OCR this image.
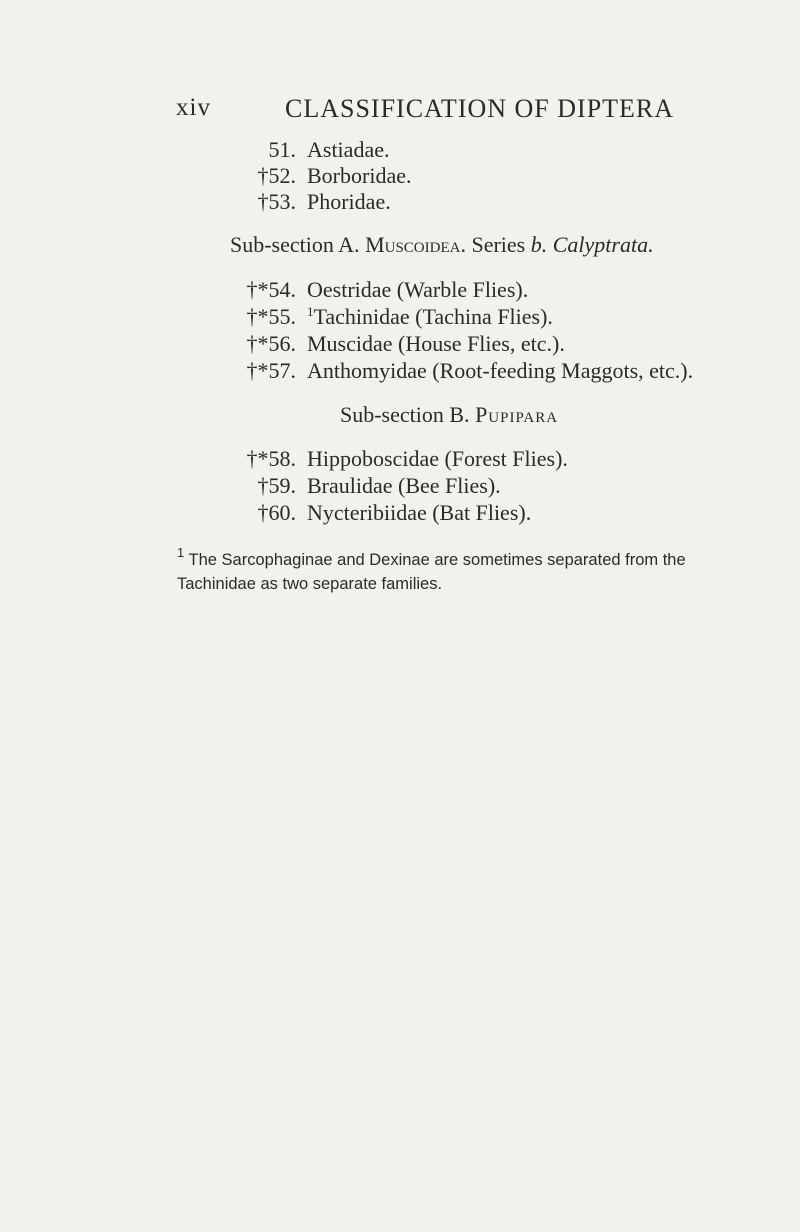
xiv	CLASSIFICATION OF DIPTERA
51. Astiadae.
†52. Borboridae.
†53. Phoridae.
Sub-section A. Muscoidea. Series b. Calyptrata.
†*54. Oestridae (Warble Flies).
†*55. $^1$Tachinidae (Tachina Flies).
†*56. Muscidae (House Flies, etc.).
†*57. Anthomyidae (Root-feeding Maggots, etc.).
Sub-section B. Pupipara
†*58. Hippoboscidae (Forest Flies).
†59. Braulidae (Bee Flies).
†60. Nycteribiidae (Bat Flies).
$^1$ The Sarcophaginae and Dexinae are sometimes separated from the Tachinidae as two separate families.
